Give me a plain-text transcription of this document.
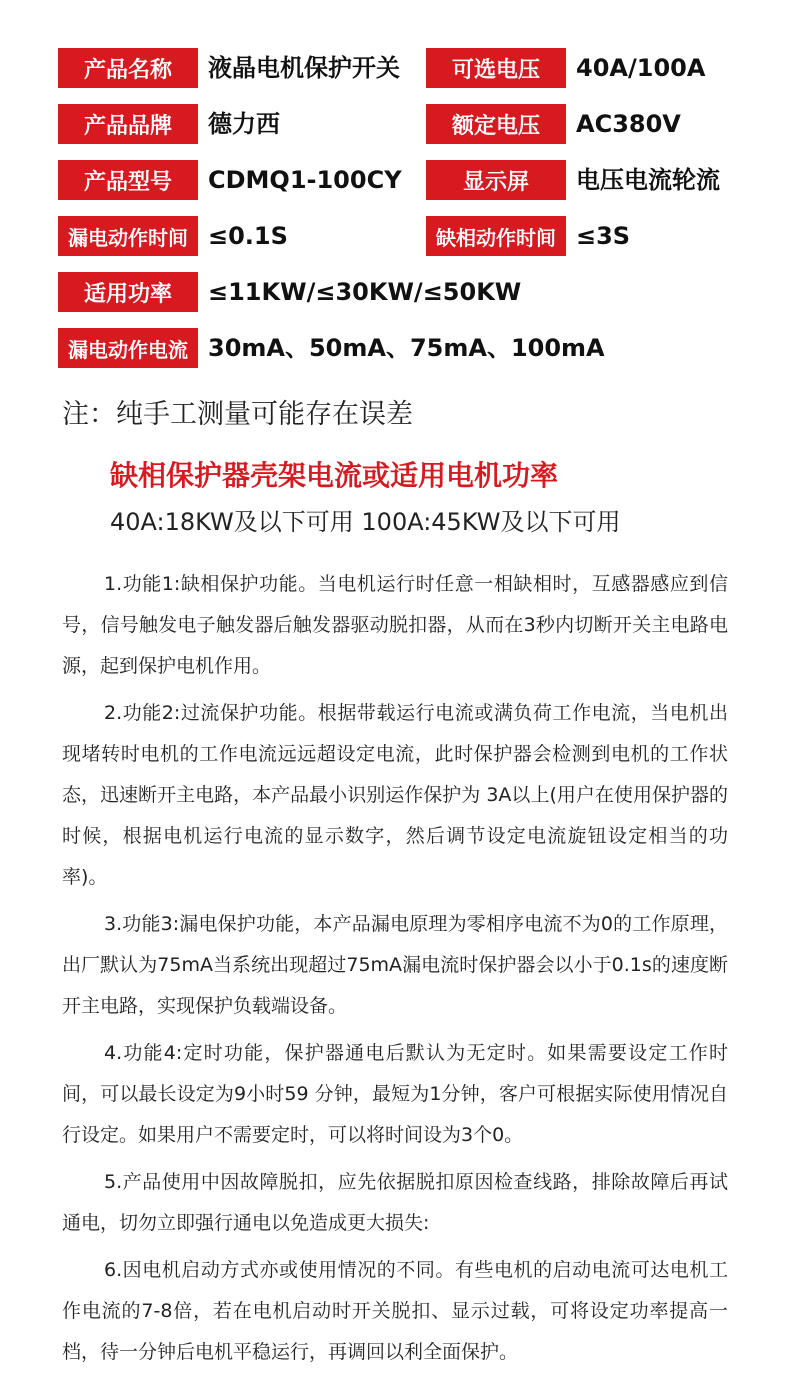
产品名称	液晶电机保护开关	可选电压	40A/100A
产品品牌	德力西	额定电压	AC380V
产品型号	CDMQ1-100CY	显示屏	电压电流轮流
漏电动作时间 ≤0.1S	缺相动作时间 ≤3S
适用功率	≤11KW/≤30KW/≤50KW
漏电动作电流 30mA、50mA、75mA、100mA
注：纯手工测量可能存在误差
缺相保护器壳架电流或适用电机功率
40A:18KW及以下可用 100A:45KW及以下可用

1.功能1:缺相保护功能。当电机运行时任意一相缺相时，互感器感应到信号，信号触发电子触发器后触发器驱动脱扣器，从而在3秒内切断开关主电路电源，起到保护电机作用。

2.功能2:过流保护功能。根据带载运行电流或满负荷工作电流，当电机出现堵转时电机的工作电流远远超设定电流，此时保护器会检测到电机的工作状态，迅速断开主电路，本产品最小识别运作保护为 3A以上(用户在使用保护器的时候，根据电机运行电流的显示数字，然后调节设定电流旋钮设定相当的功率)。

3.功能3:漏电保护功能，本产品漏电原理为零相序电流不为0的工作原理，出厂默认为75mA当系统出现超过75mA漏电流时保护器会以小于0.1s的速度断开主电路，实现保护负载端设备。

4.功能4:定时功能，保护器通电后默认为无定时。如果需要设定工作时间，可以最长设定为9小时59 分钟，最短为1分钟，客户可根据实际使用情况自行设定。如果用户不需要定时，可以将时间设为3个0。

5.产品使用中因故障脱扣，应先依据脱扣原因检查线路，排除故障后再试通电，切勿立即强行通电以免造成更大损失:

6.因电机启动方式亦或使用情况的不同。有些电机的启动电流可达电机工作电流的7-8倍，若在电机启动时开关脱扣、显示过载，可将设定功率提高一档，待一分钟后电机平稳运行，再调回以利全面保护。
